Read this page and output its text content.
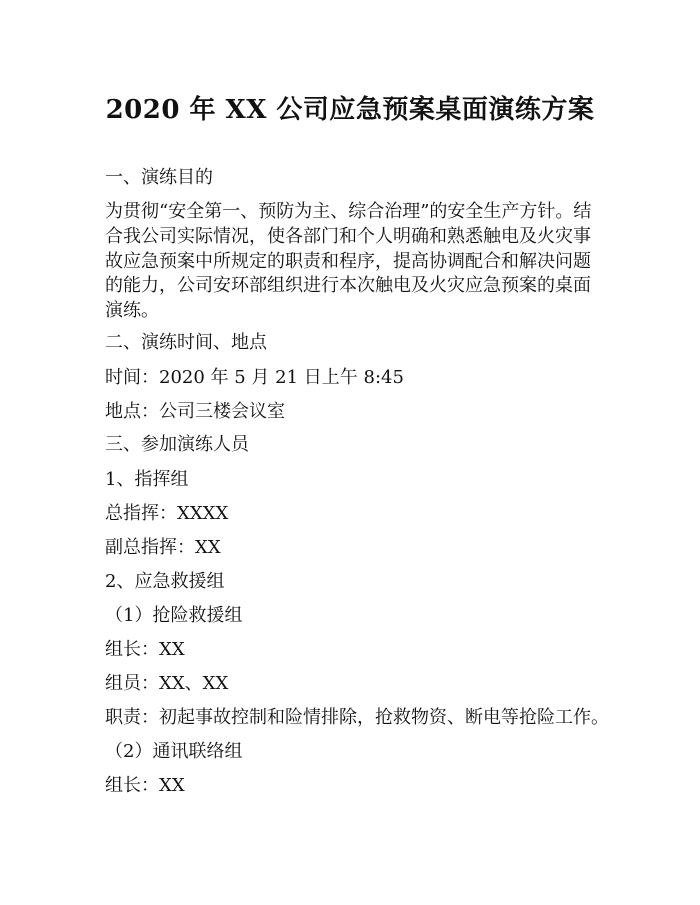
2020 年 XX 公司应急预案桌面演练方案
一、演练目的
为贯彻“安全第一、预防为主、综合治理”的安全生产方针。结
合我公司实际情况，使各部门和个人明确和熟悉触电及火灾事
故应急预案中所规定的职责和程序，提高协调配合和解决问题
的能力，公司安环部组织进行本次触电及火灾应急预案的桌面
演练。
二、演练时间、地点
时间：2020 年 5 月 21 日上午 8:45
地点：公司三楼会议室
三、参加演练人员
1、指挥组
总指挥：XXXX
副总指挥：XX
2、应急救援组
（1）抢险救援组
组长：XX
组员：XX、XX
职责：初起事故控制和险情排除，抢救物资、断电等抢险工作。
（2）通讯联络组
组长：XX
